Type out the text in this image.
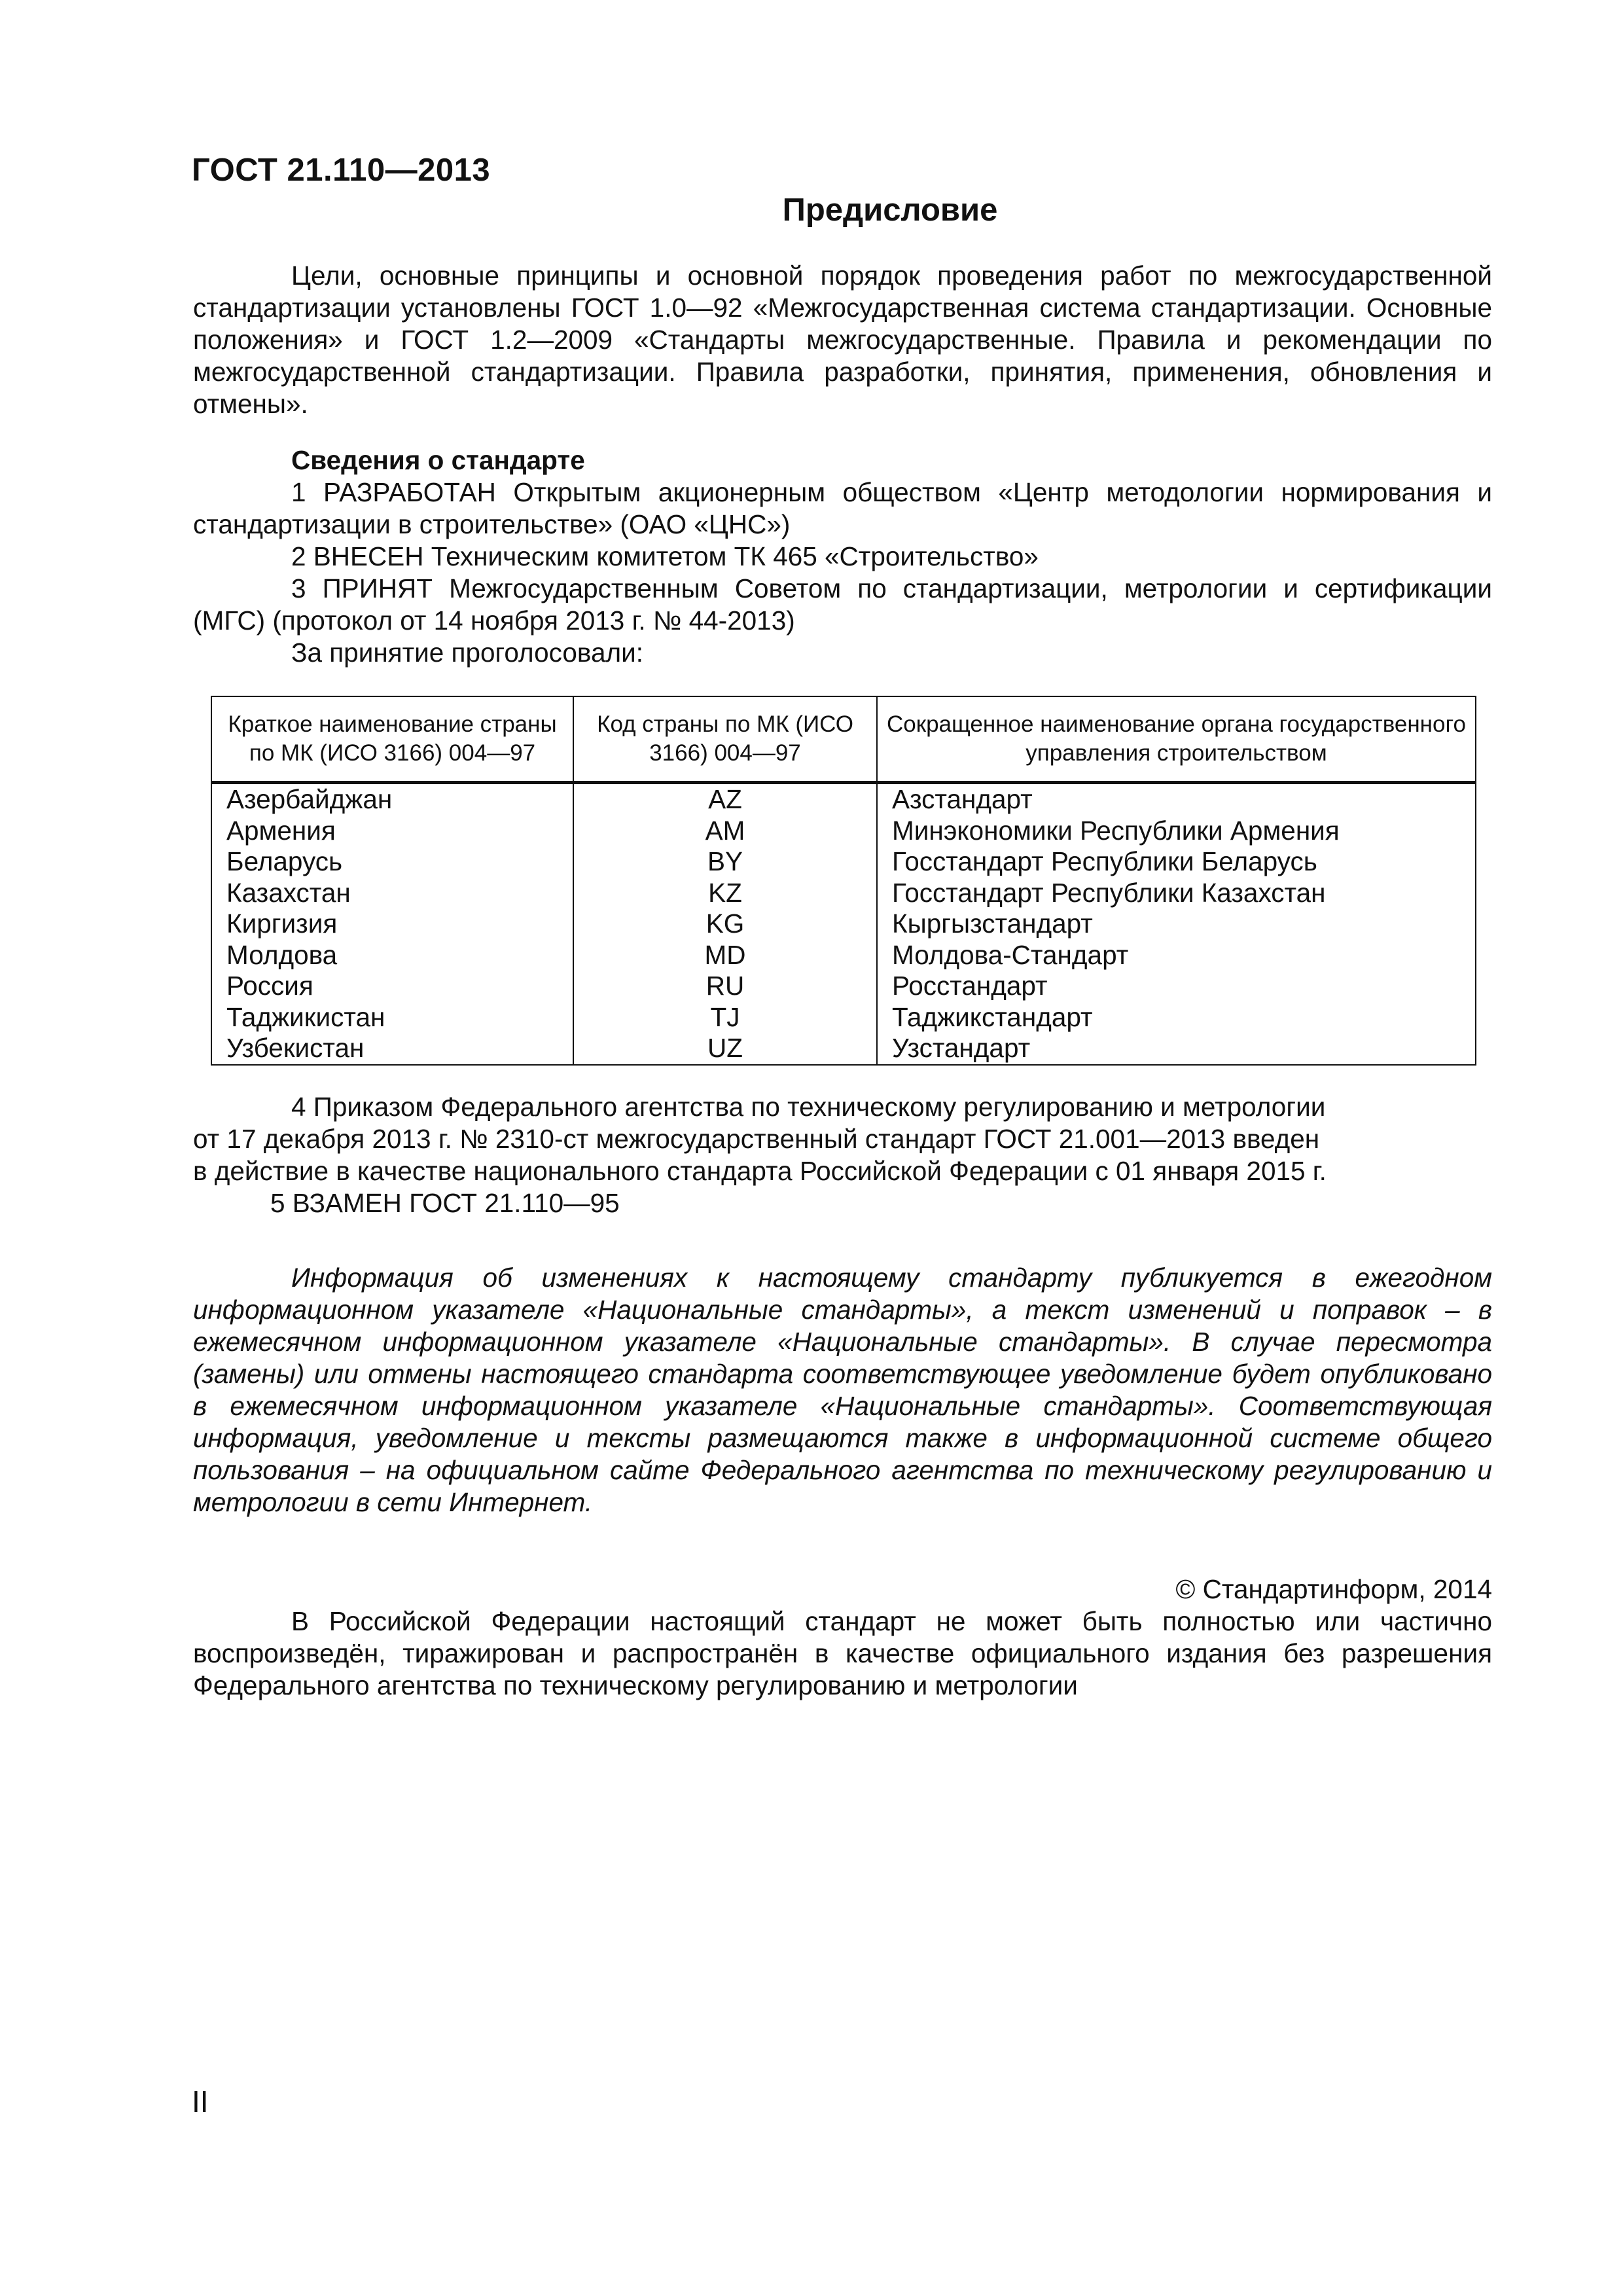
ГОСТ 21.110—2013
Предисловие
Цели, основные принципы и основной порядок проведения работ по межгосударственной стандартизации установлены ГОСТ 1.0—92 «Межгосударственная система стандартизации. Основные положения» и ГОСТ 1.2—2009 «Стандарты межгосударственные. Правила и рекомендации по межгосударственной стандартизации. Правила разработки, принятия, применения, обновления и отмены».
Сведения о стандарте
1 РАЗРАБОТАН Открытым акционерным обществом «Центр методологии нормирования и стандартизации в строительстве» (ОАО «ЦНС»)
2 ВНЕСЕН Техническим комитетом ТК 465 «Строительство»
3 ПРИНЯТ Межгосударственным Советом по стандартизации, метрологии и сертификации (МГС) (протокол от 14 ноября 2013 г. № 44-2013)
За принятие проголосовали:
Краткое наименование страны по МК (ИСО 3166) 004—97	Код страны по МК (ИСО 3166) 004—97	Сокращенное наименование органа государственного управления строительством
Азербайджан	AZ	Азстандарт
Армения	AM	Минэкономики Республики Армения
Беларусь	BY	Госстандарт Республики Беларусь
Казахстан	KZ	Госстандарт Республики Казахстан
Киргизия	KG	Кыргызстандарт
Молдова	MD	Молдова-Стандарт
Россия	RU	Росстандарт
Таджикистан	TJ	Таджикстандарт
Узбекистан	UZ	Узстандарт
4 Приказом Федерального агентства по техническому регулированию и метрологии
от 17 декабря 2013 г. № 2310-ст межгосударственный стандарт ГОСТ 21.001—2013 введен
в действие в качестве национального стандарта Российской Федерации с 01 января 2015 г.
5 ВЗАМЕН ГОСТ 21.110—95
Информация об изменениях к настоящему стандарту публикуется в ежегодном информационном указателе «Национальные стандарты», а текст изменений и поправок – в ежемесячном информационном указателе «Национальные стандарты». В случае пересмотра (замены) или отмены настоящего стандарта соответствующее уведомление будет опубликовано в ежемесячном информационном указателе «Национальные стандарты». Соответствующая информация, уведомление и тексты размещаются также в информационной системе общего пользования – на официальном сайте Федерального агентства по техническому регулированию и метрологии в сети Интернет.
© Стандартинформ, 2014
В Российской Федерации настоящий стандарт не может быть полностью или частично воспроизведён, тиражирован и распространён в качестве официального издания без разрешения Федерального агентства по техническому регулированию и метрологии
II
